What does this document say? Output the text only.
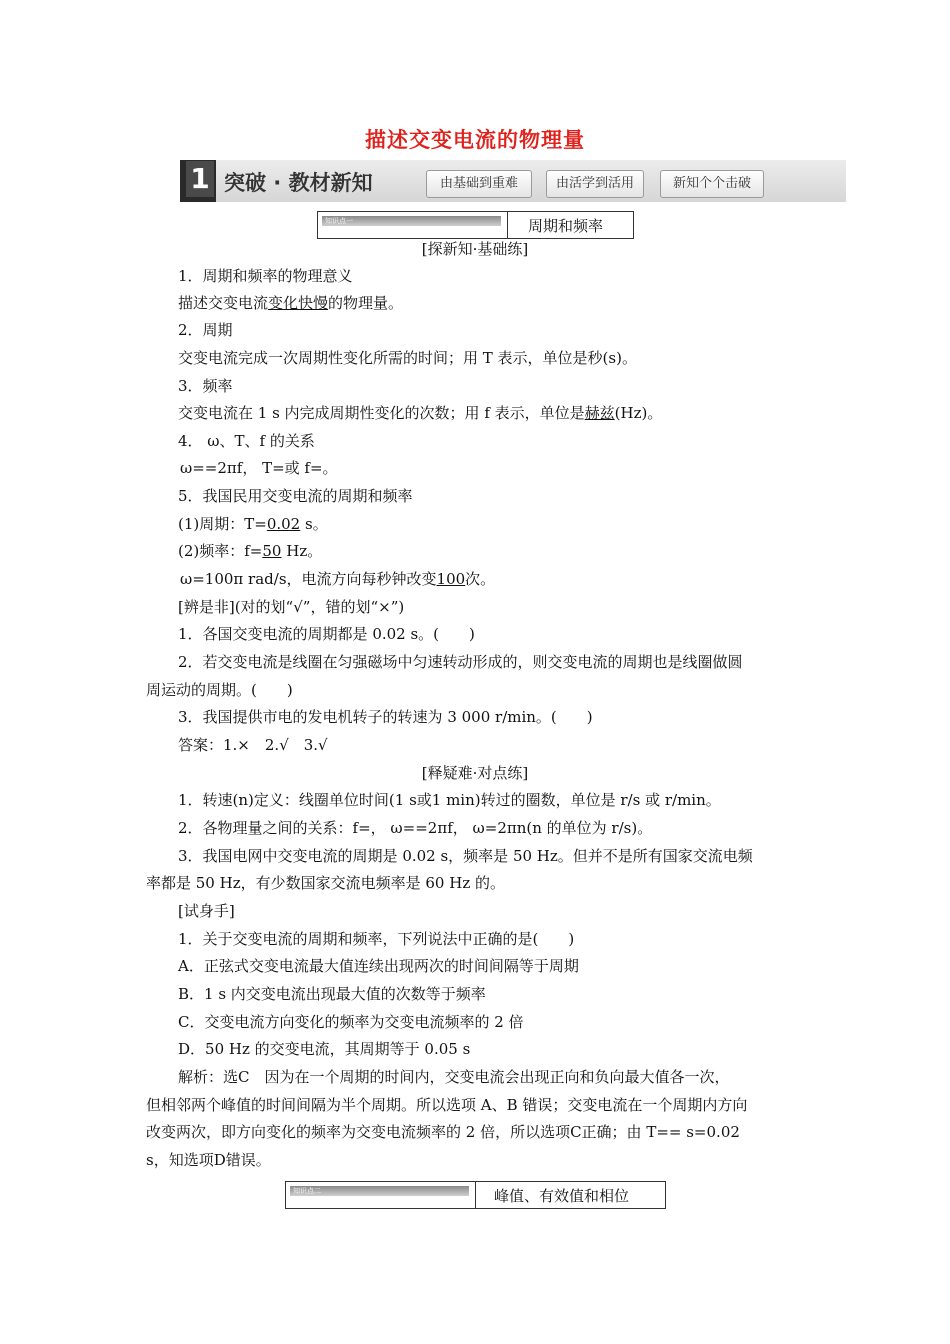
描述交变电流的物理量
1 突破 · 教材新知	由基础到重难	由活学到活用	新知个个击破
知识点一	周期和频率
[探新知·基础练]
1．周期和频率的物理意义
描述交变电流变化快慢的物理量。
2．周期
交变电流完成一次周期性变化所需的时间；用 T 表示，单位是秒(s)。
3．频率
交变电流在 1 s 内完成周期性变化的次数；用 f 表示，单位是赫兹(Hz)。
4． ω、T、f 的关系
ω==2πf， T=或 f=。
5．我国民用交变电流的周期和频率
(1)周期：T=0.02 s。
(2)频率：f=50 Hz。
ω=100π rad/s，电流方向每秒钟改变100次。
[辨是非](对的划“√”，错的划“×”)
1．各国交变电流的周期都是 0.02 s。(　　)
2．若交变电流是线圈在匀强磁场中匀速转动形成的，则交变电流的周期也是线圈做圆
周运动的周期。(　　)
3．我国提供市电的发电机转子的转速为 3 000 r/min。(　　)
答案：1.×　2.√　3.√
[释疑难·对点练]
1．转速(n)定义：线圈单位时间(1 s或1 min)转过的圈数，单位是 r/s 或 r/min。
2．各物理量之间的关系：f=， ω==2πf， ω=2πn(n 的单位为 r/s)。
3．我国电网中交变电流的周期是 0.02 s，频率是 50 Hz。但并不是所有国家交流电频
率都是 50 Hz，有少数国家交流电频率是 60 Hz 的。
[试身手]
1．关于交变电流的周期和频率，下列说法中正确的是(　　)
A．正弦式交变电流最大值连续出现两次的时间间隔等于周期
B．1 s 内交变电流出现最大值的次数等于频率
C．交变电流方向变化的频率为交变电流频率的 2 倍
D．50 Hz 的交变电流，其周期等于 0.05 s
解析：选C　因为在一个周期的时间内，交变电流会出现正向和负向最大值各一次，
但相邻两个峰值的时间间隔为半个周期。所以选项 A、B 错误；交变电流在一个周期内方向
改变两次，即方向变化的频率为交变电流频率的 2 倍，所以选项C正确；由 T== s=0.02
s，知选项D错误。
知识点二	峰值、有效值和相位
